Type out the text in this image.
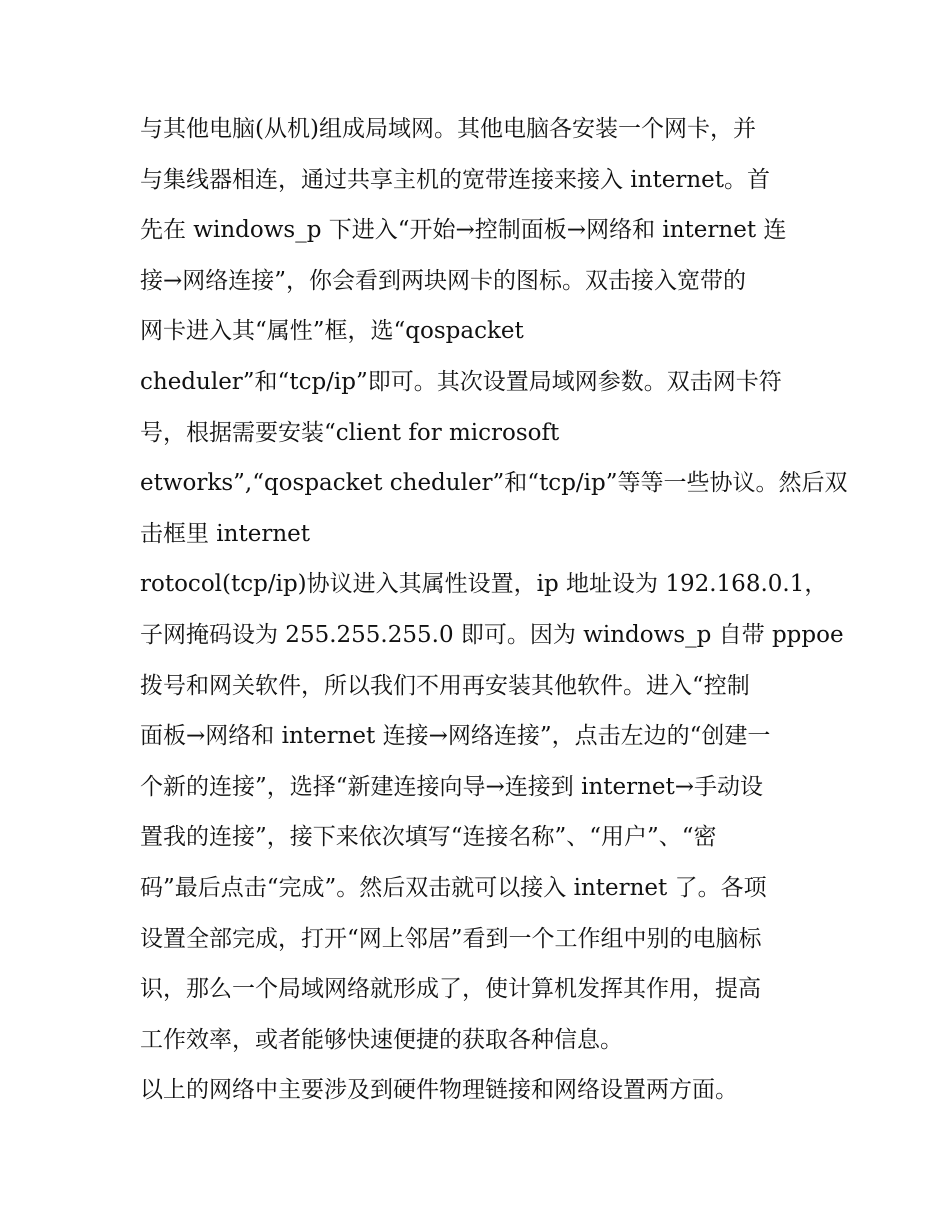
与其他电脑(从机)组成局域网。其他电脑各安装一个网卡，并
与集线器相连，通过共享主机的宽带连接来接入 internet。首
先在 windows_p 下进入“开始→控制面板→网络和 internet 连
接→网络连接”，你会看到两块网卡的图标。双击接入宽带的
网卡进入其“属性”框，选“qospacket
cheduler”和“tcp/ip”即可。其次设置局域网参数。双击网卡符
号，根据需要安装“client for microsoft
etworks”,“qospacket cheduler”和“tcp/ip”等等一些协议。然后双
击框里 internet
rotocol(tcp/ip)协议进入其属性设置，ip 地址设为 192.168.0.1，
子网掩码设为 255.255.255.0 即可。因为 windows_p 自带 pppoe
拨号和网关软件，所以我们不用再安装其他软件。进入“控制
面板→网络和 internet 连接→网络连接”，点击左边的“创建一
个新的连接”，选择“新建连接向导→连接到 internet→手动设
置我的连接”，接下来依次填写“连接名称”、“用户”、“密
码”最后点击“完成”。然后双击就可以接入 internet 了。各项
设置全部完成，打开“网上邻居”看到一个工作组中别的电脑标
识，那么一个局域网络就形成了，使计算机发挥其作用，提高
工作效率，或者能够快速便捷的获取各种信息。
以上的网络中主要涉及到硬件物理链接和网络设置两方面。
